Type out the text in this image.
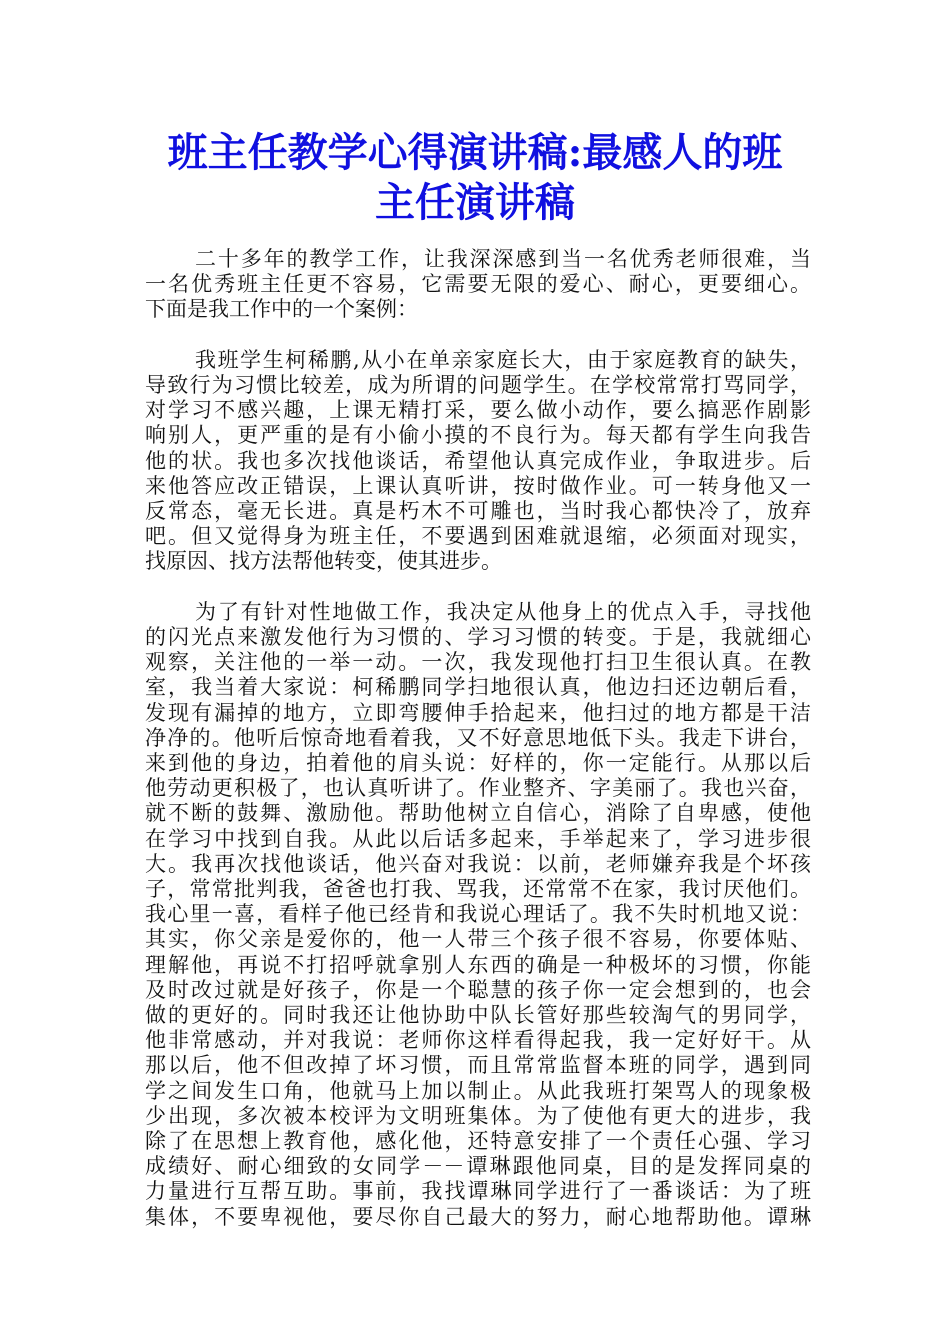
班主任教学心得演讲稿:最感人的班
主任演讲稿
二十多年的教学工作，让我深深感到当一名优秀老师很难，当
一名优秀班主任更不容易，它需要无限的爱心、耐心，更要细心。
下面是我工作中的一个案例：
我班学生柯稀鹏,从小在单亲家庭长大，由于家庭教育的缺失，
导致行为习惯比较差，成为所谓的问题学生。在学校常常打骂同学，
对学习不感兴趣，上课无精打采，要么做小动作，要么搞恶作剧影
响别人，更严重的是有小偷小摸的不良行为。每天都有学生向我告
他的状。我也多次找他谈话，希望他认真完成作业，争取进步。后
来他答应改正错误，上课认真听讲，按时做作业。可一转身他又一
反常态，毫无长进。真是朽木不可雕也，当时我心都快冷了，放弃
吧。但又觉得身为班主任，不要遇到困难就退缩，必须面对现实，
找原因、找方法帮他转变，使其进步。
为了有针对性地做工作，我决定从他身上的优点入手，寻找他
的闪光点来激发他行为习惯的、学习习惯的转变。于是，我就细心
观察，关注他的一举一动。一次，我发现他打扫卫生很认真。在教
室，我当着大家说：柯稀鹏同学扫地很认真，他边扫还边朝后看，
发现有漏掉的地方，立即弯腰伸手拾起来，他扫过的地方都是干洁
净净的。他听后惊奇地看着我，又不好意思地低下头。我走下讲台，
来到他的身边，拍着他的肩头说：好样的，你一定能行。从那以后
他劳动更积极了，也认真听讲了。作业整齐、字美丽了。我也兴奋，
就不断的鼓舞、激励他。帮助他树立自信心，消除了自卑感，使他
在学习中找到自我。从此以后话多起来，手举起来了，学习进步很
大。我再次找他谈话，他兴奋对我说：以前，老师嫌弃我是个坏孩
子，常常批判我，爸爸也打我、骂我，还常常不在家，我讨厌他们。
我心里一喜，看样子他已经肯和我说心理话了。我不失时机地又说：
其实，你父亲是爱你的，他一人带三个孩子很不容易，你要体贴、
理解他，再说不打招呼就拿别人东西的确是一种极坏的习惯，你能
及时改过就是好孩子，你是一个聪慧的孩子你一定会想到的，也会
做的更好的。同时我还让他协助中队长管好那些较淘气的男同学，
他非常感动，并对我说：老师你这样看得起我，我一定好好干。从
那以后，他不但改掉了坏习惯，而且常常监督本班的同学，遇到同
学之间发生口角，他就马上加以制止。从此我班打架骂人的现象极
少出现，多次被本校评为文明班集体。为了使他有更大的进步，我
除了在思想上教育他，感化他，还特意安排了一个责任心强、学习
成绩好、耐心细致的女同学－－谭琳跟他同桌，目的是发挥同桌的
力量进行互帮互助。事前，我找谭琳同学进行了一番谈话：为了班
集体，不要卑视他，要尽你自己最大的努力，耐心地帮助他。谭琳
